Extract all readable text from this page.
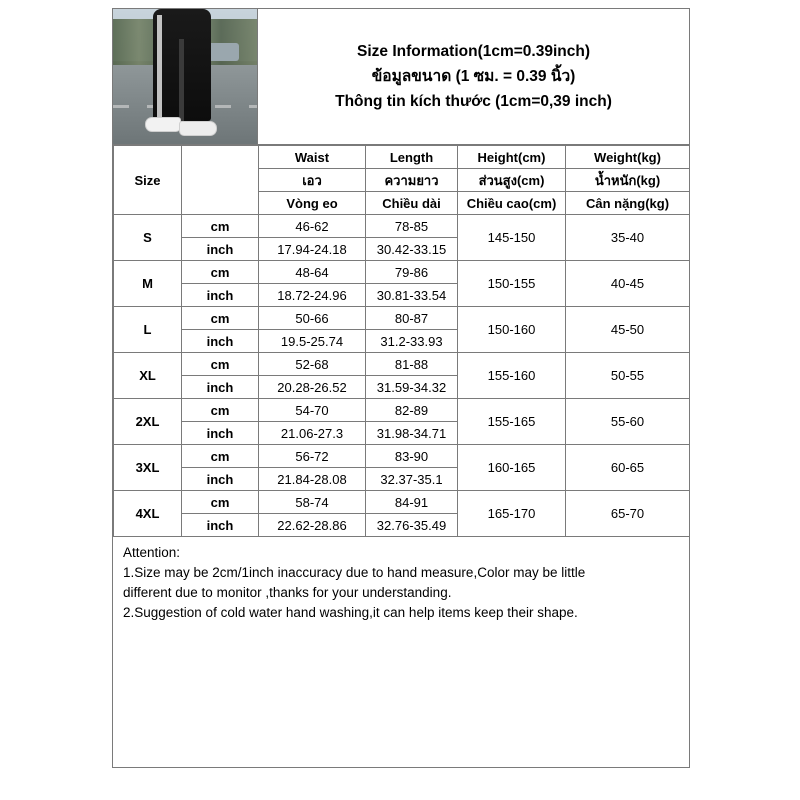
Size Information(1cm=0.39inch)
ข้อมูลขนาด (1 ซม. = 0.39 นิ้ว)
Thông tin kích thước (1cm=0,39 inch)
Size		Waist	Length	Height(cm)	Weight(kg)
		เอว	ความยาว	ส่วนสูง(cm)	น้ำหนัก(kg)
		Vòng eo	Chiều dài	Chiều cao(cm)	Cân nặng(kg)
S	cm	46-62	78-85	145-150	35-40
	inch	17.94-24.18	30.42-33.15		
M	cm	48-64	79-86	150-155	40-45
	inch	18.72-24.96	30.81-33.54		
L	cm	50-66	80-87	150-160	45-50
	inch	19.5-25.74	31.2-33.93		
XL	cm	52-68	81-88	155-160	50-55
	inch	20.28-26.52	31.59-34.32		
2XL	cm	54-70	82-89	155-165	55-60
	inch	21.06-27.3	31.98-34.71		
3XL	cm	56-72	83-90	160-165	60-65
	inch	21.84-28.08	32.37-35.1		
4XL	cm	58-74	84-91	165-170	65-70
	inch	22.62-28.86	32.76-35.49		

Attention:

1.Size may be 2cm/1inch inaccuracy due to hand measure,Color may be little

different due to monitor ,thanks for your understanding.

2.Suggestion of cold water hand washing,it can help items keep their shape.
